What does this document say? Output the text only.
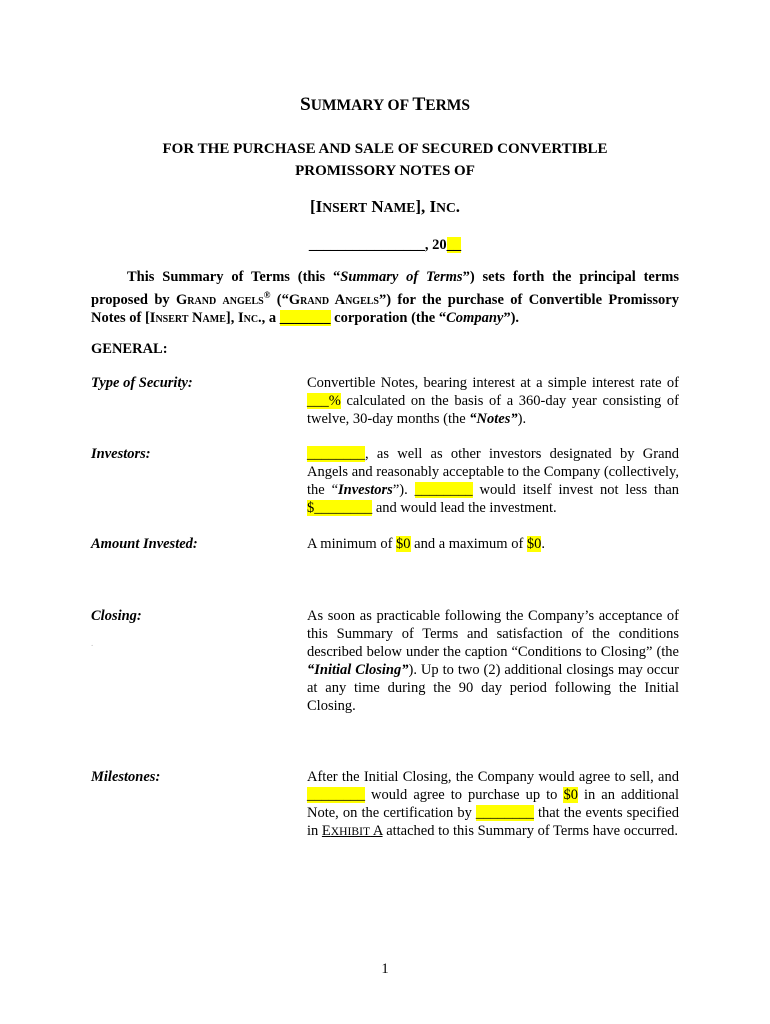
SUMMARY OF TERMS
FOR THE PURCHASE AND SALE OF SECURED CONVERTIBLE
PROMISSORY NOTES OF
[INSERT NAME], INC.
________________, 20__

This Summary of Terms (this “Summary of Terms”) sets forth the principal terms proposed by Grand angels® (“Grand Angels”) for the purchase of Convertible Promissory Notes of [Insert Name], Inc., a _______ corporation (the “Company”).

GENERAL:
Type of Security:	Convertible Notes, bearing interest at a simple interest rate of ___% calculated on the basis of a 360-day year consisting of twelve, 30-day months (the “Notes”).
Investors:	________, as well as other investors designated by Grand Angels and reasonably acceptable to the Company (collectively, the “Investors”). ________ would itself invest not less than $________ and would lead the investment.
Amount Invested:	A minimum of $0 and a maximum of $0.
Closing:	As soon as practicable following the Company’s acceptance of this Summary of Terms and satisfaction of the conditions described below under the caption “Conditions to Closing” (the “Initial Closing”). Up to two (2) additional closings may occur at any time during the 90 day period following the Initial Closing.
.
Milestones:	After the Initial Closing, the Company would agree to sell, and ________ would agree to purchase up to $0 in an additional Note, on the certification by ________ that the events specified in EXHIBIT A attached to this Summary of Terms have occurred.
1
